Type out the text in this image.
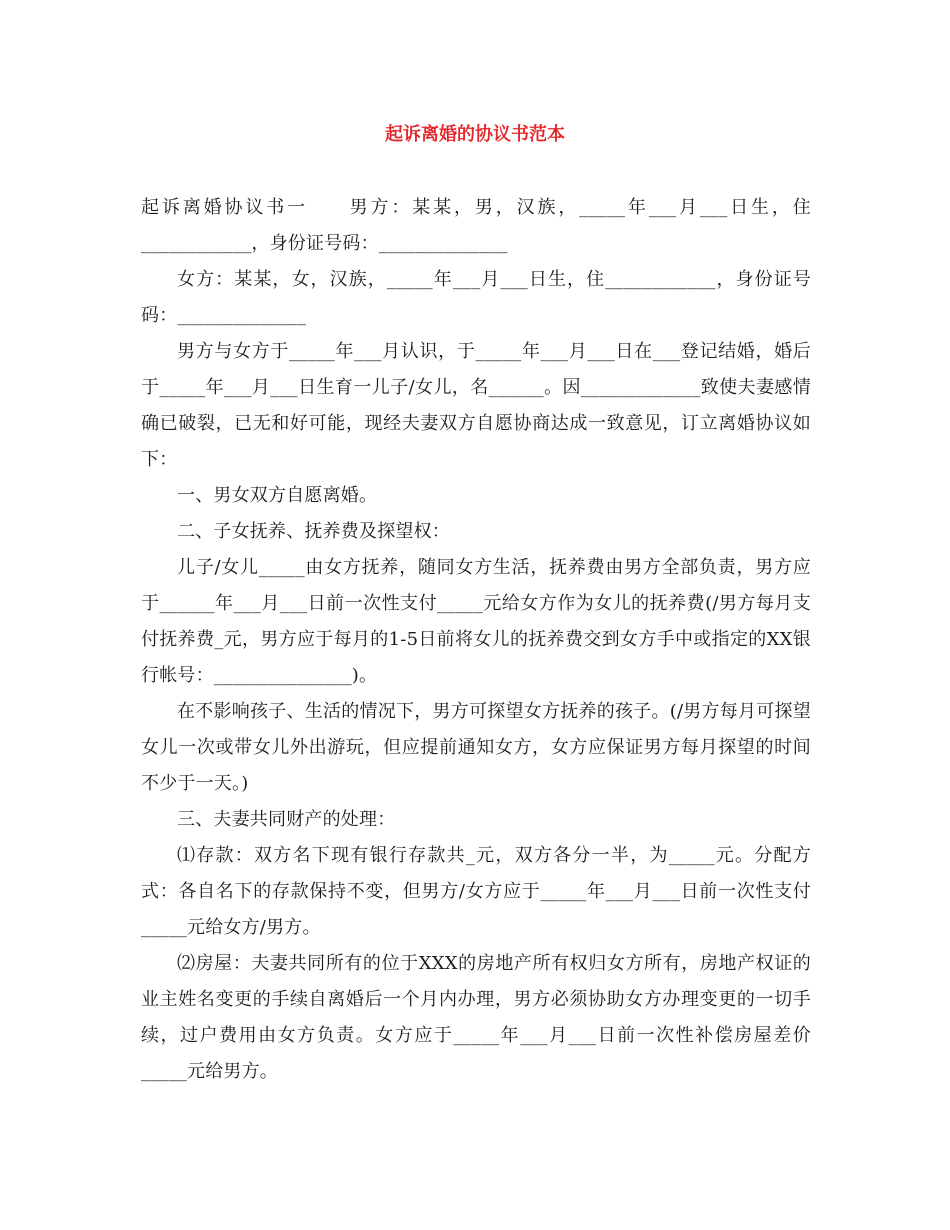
起诉离婚的协议书范本

起诉离婚协议书一　　男方：某某，男，汉族，_____年___月___日生，住____________，身份证号码：______________

女方：某某，女，汉族，_____年___月___日生，住____________，身份证号码：______________

男方与女方于_____年___月认识，于_____年___月___日在___登记结婚，婚后于_____年___月___日生育一儿子/女儿，名______。因_____________致使夫妻感情确已破裂，已无和好可能，现经夫妻双方自愿协商达成一致意见，订立离婚协议如下：

一、男女双方自愿离婚。

二、子女抚养、抚养费及探望权：

儿子/女儿_____由女方抚养，随同女方生活，抚养费由男方全部负责，男方应于______年___月___日前一次性支付_____元给女方作为女儿的抚养费(/男方每月支付抚养费_元，男方应于每月的1-5日前将女儿的抚养费交到女方手中或指定的XX银行帐号：_______________)。

在不影响孩子、生活的情况下，男方可探望女方抚养的孩子。(/男方每月可探望女儿一次或带女儿外出游玩，但应提前通知女方，女方应保证男方每月探望的时间不少于一天。)

三、夫妻共同财产的处理：

⑴存款：双方名下现有银行存款共_元，双方各分一半，为_____元。分配方式：各自名下的存款保持不变，但男方/女方应于_____年___月___日前一次性支付_____元给女方/男方。

⑵房屋：夫妻共同所有的位于XXX的房地产所有权归女方所有，房地产权证的业主姓名变更的手续自离婚后一个月内办理，男方必须协助女方办理变更的一切手续，过户费用由女方负责。女方应于_____年___月___日前一次性补偿房屋差价_____元给男方。
